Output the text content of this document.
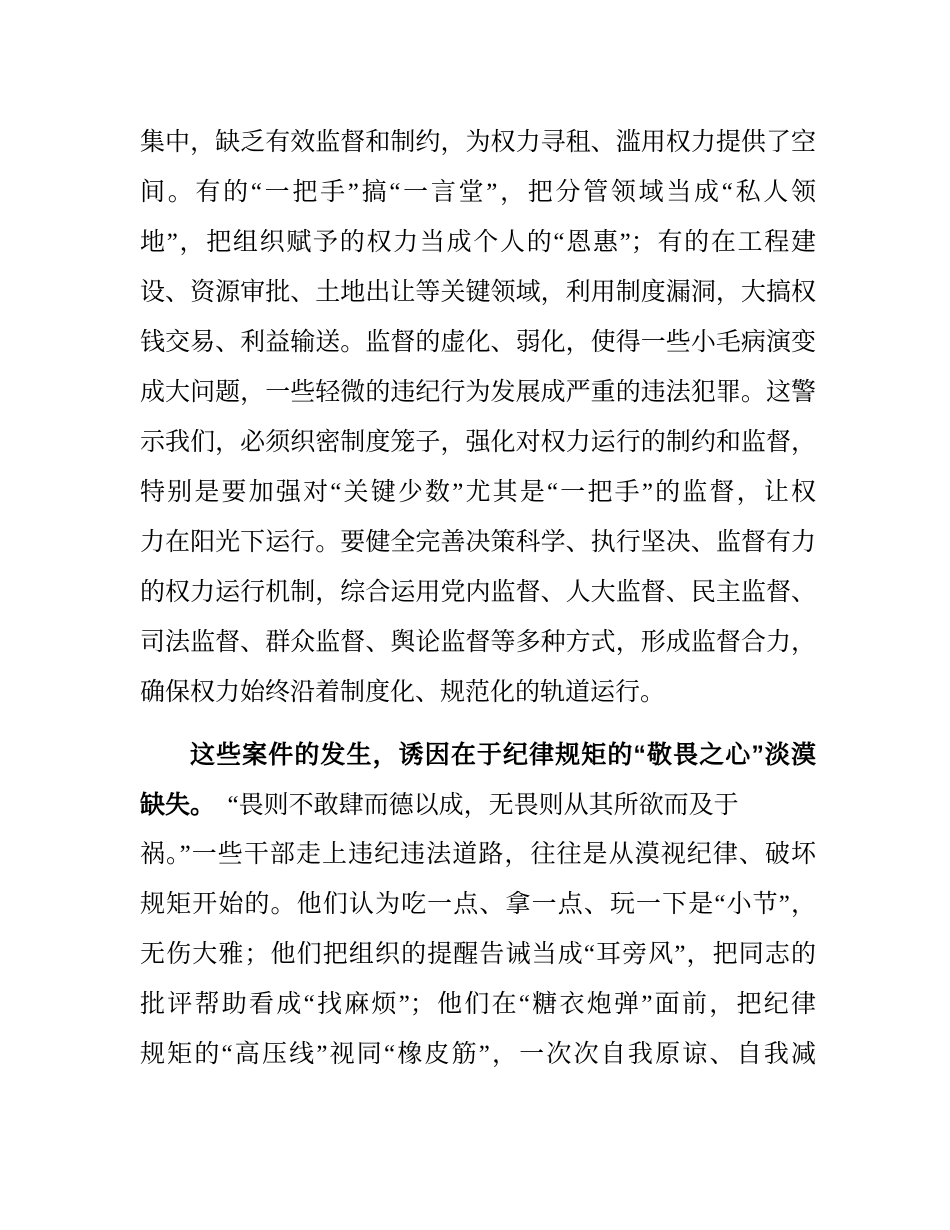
集中，缺乏有效监督和制约，为权力寻租、滥用权力提供了空
间。有的“一把手”搞“一言堂”，把分管领域当成“私人领
地”，把组织赋予的权力当成个人的“恩惠”；有的在工程建
设、资源审批、土地出让等关键领域，利用制度漏洞，大搞权
钱交易、利益输送。监督的虚化、弱化，使得一些小毛病演变
成大问题，一些轻微的违纪行为发展成严重的违法犯罪。这警
示我们，必须织密制度笼子，强化对权力运行的制约和监督，
特别是要加强对“关键少数”尤其是“一把手”的监督，让权
力在阳光下运行。要健全完善决策科学、执行坚决、监督有力
的权力运行机制，综合运用党内监督、人大监督、民主监督、
司法监督、群众监督、舆论监督等多种方式，形成监督合力，
确保权力始终沿着制度化、规范化的轨道运行。
这些案件的发生，诱因在于纪律规矩的“敬畏之心”淡漠
缺失。　“畏则不敢肆而德以成，无畏则从其所欲而及于
祸。”一些干部走上违纪违法道路，往往是从漠视纪律、破坏
规矩开始的。他们认为吃一点、拿一点、玩一下是“小节”，
无伤大雅；他们把组织的提醒告诫当成“耳旁风”，把同志的
批评帮助看成“找麻烦”；他们在“糖衣炮弹”面前，把纪律
规矩的“高压线”视同“橡皮筋”，一次次自我原谅、自我减
